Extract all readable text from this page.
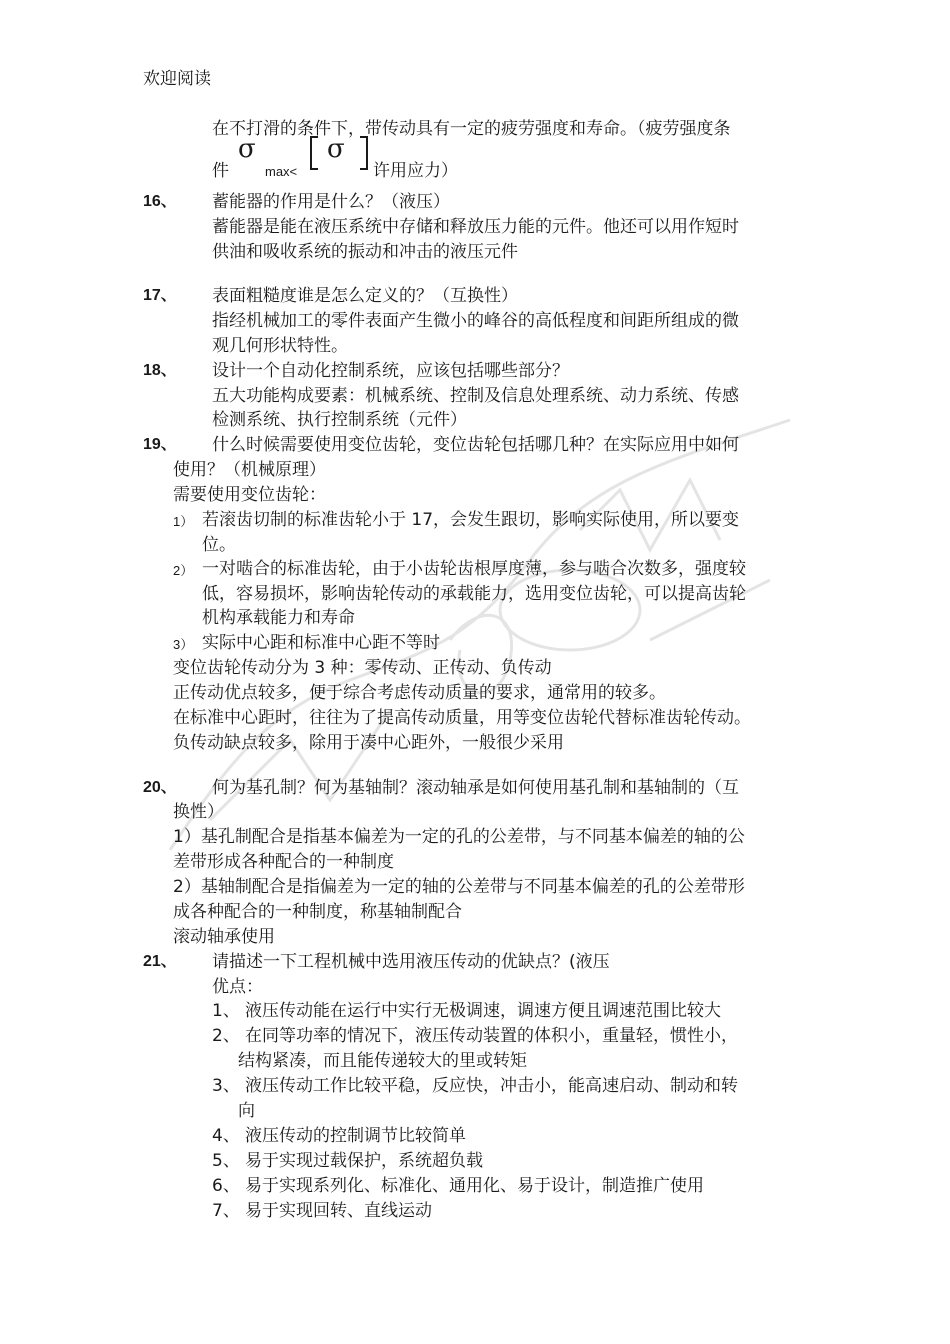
欢迎阅读
在不打滑的条件下，带传动具有一定的疲劳强度和寿命。（疲劳强度条
件
σ
max<
σ
许用应力）
16、 蓄能器的作用是什么？（液压）
蓄能器是能在液压系统中存储和释放压力能的元件。他还可以用作短时
供油和吸收系统的振动和冲击的液压元件
17、 表面粗糙度谁是怎么定义的？（互换性）
指经机械加工的零件表面产生微小的峰谷的高低程度和间距所组成的微
观几何形状特性。
18、 设计一个自动化控制系统，应该包括哪些部分？
五大功能构成要素：机械系统、控制及信息处理系统、动力系统、传感
检测系统、执行控制系统（元件）
19、 什么时候需要使用变位齿轮，变位齿轮包括哪几种？在实际应用中如何
使用？（机械原理）
需要使用变位齿轮：
1） 若滚齿切制的标准齿轮小于 17，会发生跟切，影响实际使用，所以要变
位。
2） 一对啮合的标准齿轮，由于小齿轮齿根厚度薄，参与啮合次数多，强度较
低，容易损坏，影响齿轮传动的承载能力，选用变位齿轮，可以提高齿轮
机构承载能力和寿命
3） 实际中心距和标准中心距不等时
变位齿轮传动分为 3 种：零传动、正传动、负传动
正传动优点较多，便于综合考虑传动质量的要求，通常用的较多。
在标准中心距时，往往为了提高传动质量，用等变位齿轮代替标准齿轮传动。
负传动缺点较多，除用于凑中心距外，一般很少采用
20、 何为基孔制？何为基轴制？滚动轴承是如何使用基孔制和基轴制的（互
换性）
1）基孔制配合是指基本偏差为一定的孔的公差带，与不同基本偏差的轴的公
差带形成各种配合的一种制度
2）基轴制配合是指偏差为一定的轴的公差带与不同基本偏差的孔的公差带形
成各种配合的一种制度，称基轴制配合
滚动轴承使用
21、 请描述一下工程机械中选用液压传动的优缺点？(液压
优点：
1、 液压传动能在运行中实行无极调速，调速方便且调速范围比较大
2、 在同等功率的情况下，液压传动装置的体积小，重量轻，惯性小，
结构紧凑，而且能传递较大的里或转矩
3、 液压传动工作比较平稳，反应快，冲击小，能高速启动、制动和转
向
4、 液压传动的控制调节比较简单
5、 易于实现过载保护，系统超负载
6、 易于实现系列化、标准化、通用化、易于设计，制造推广使用
7、 易于实现回转、直线运动
